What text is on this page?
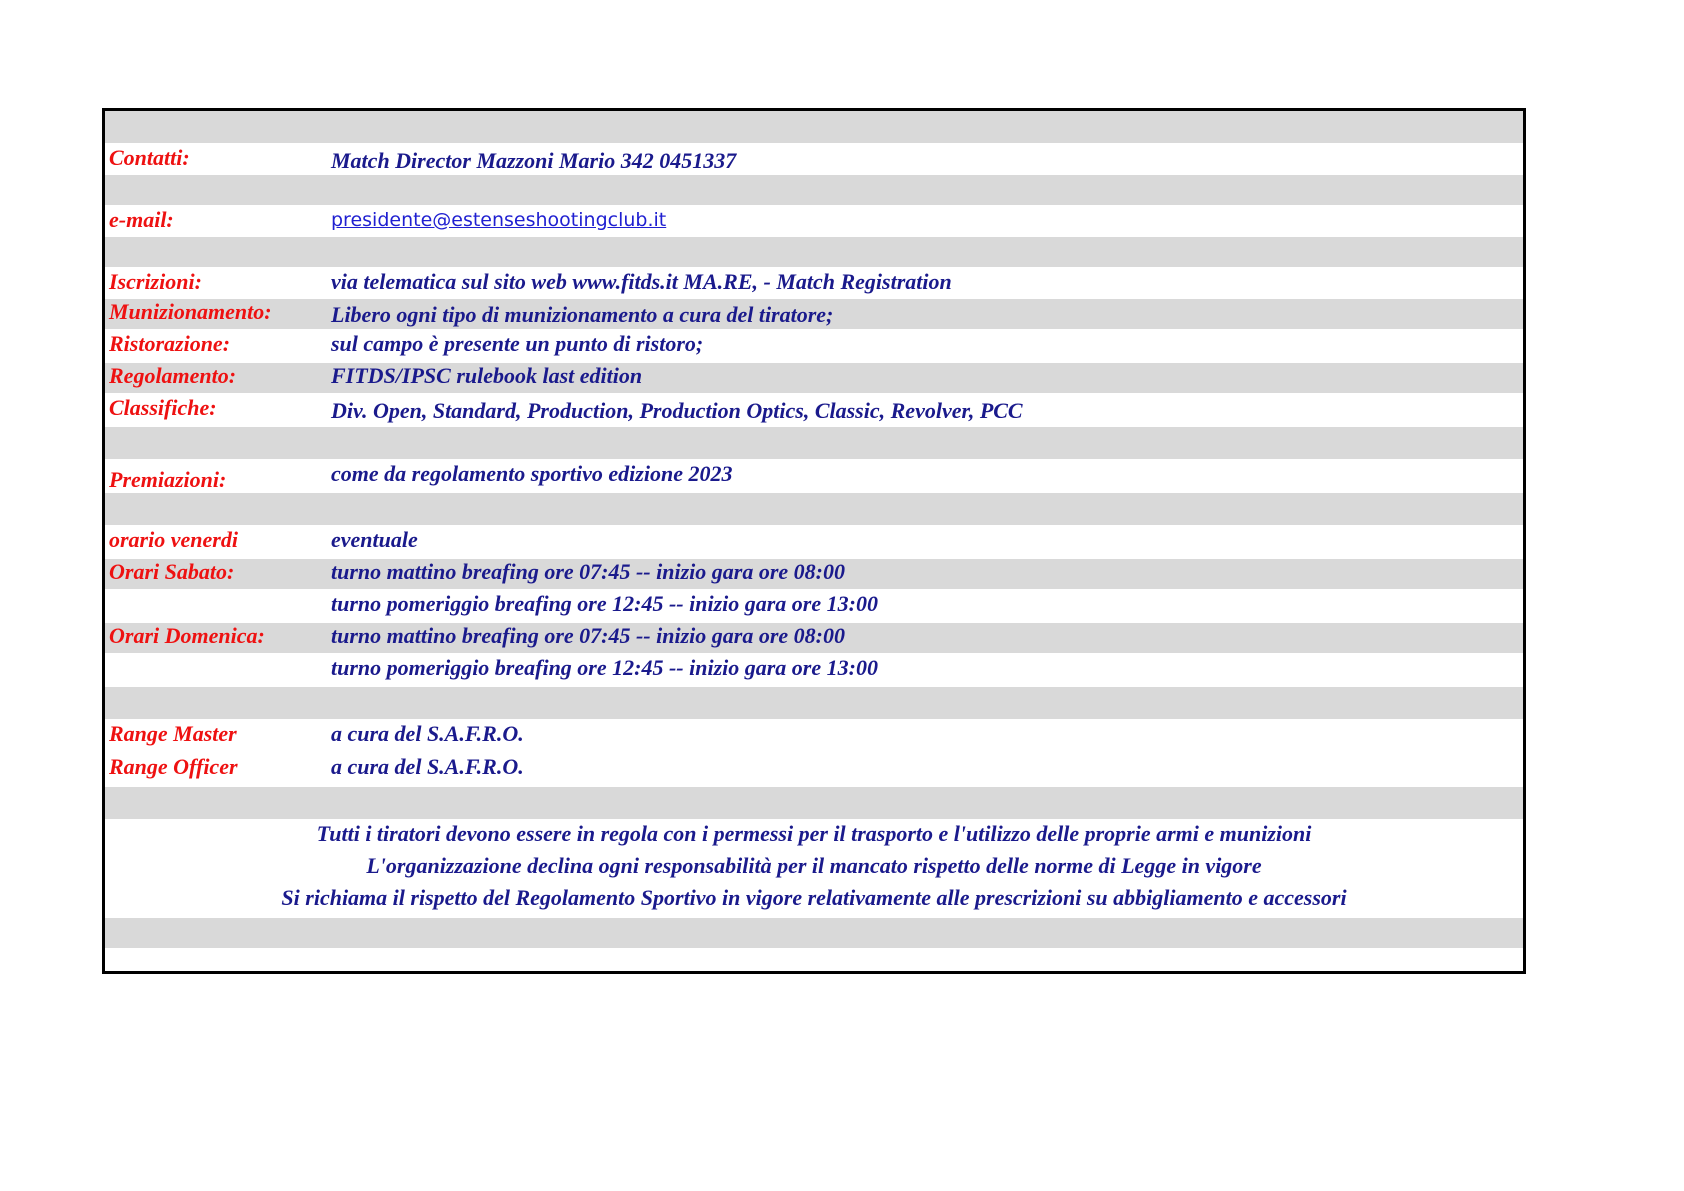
Contatti:	Match Director Mazzoni Mario 342 0451337
e-mail:	presidente@estenseshootingclub.it
Iscrizioni:	via telematica sul sito web www.fitds.it MA.RE, - Match Registration
Munizionamento:	Libero ogni tipo di munizionamento a cura del tiratore;
Ristorazione:	sul campo è presente un punto di ristoro;
Regolamento:	FITDS/IPSC rulebook last edition
Classifiche:	Div. Open, Standard, Production, Production Optics, Classic, Revolver, PCC
Premiazioni:	come da regolamento sportivo edizione 2023
orario venerdi	eventuale
Orari Sabato:	turno mattino breafing ore 07:45 -- inizio gara ore 08:00
turno pomeriggio breafing ore 12:45 -- inizio gara ore 13:00
Orari Domenica:	turno mattino breafing ore 07:45 -- inizio gara ore 08:00
turno pomeriggio breafing ore 12:45 -- inizio gara ore 13:00
Range Master	a cura del S.A.F.R.O.
Range Officer	a cura del S.A.F.R.O.
Tutti i tiratori devono essere in regola con i permessi per il trasporto e l'utilizzo delle proprie armi e munizioni
L'organizzazione declina ogni responsabilità per il mancato rispetto delle norme di Legge in vigore
Si richiama il rispetto del Regolamento Sportivo in vigore relativamente alle prescrizioni su abbigliamento e accessori
